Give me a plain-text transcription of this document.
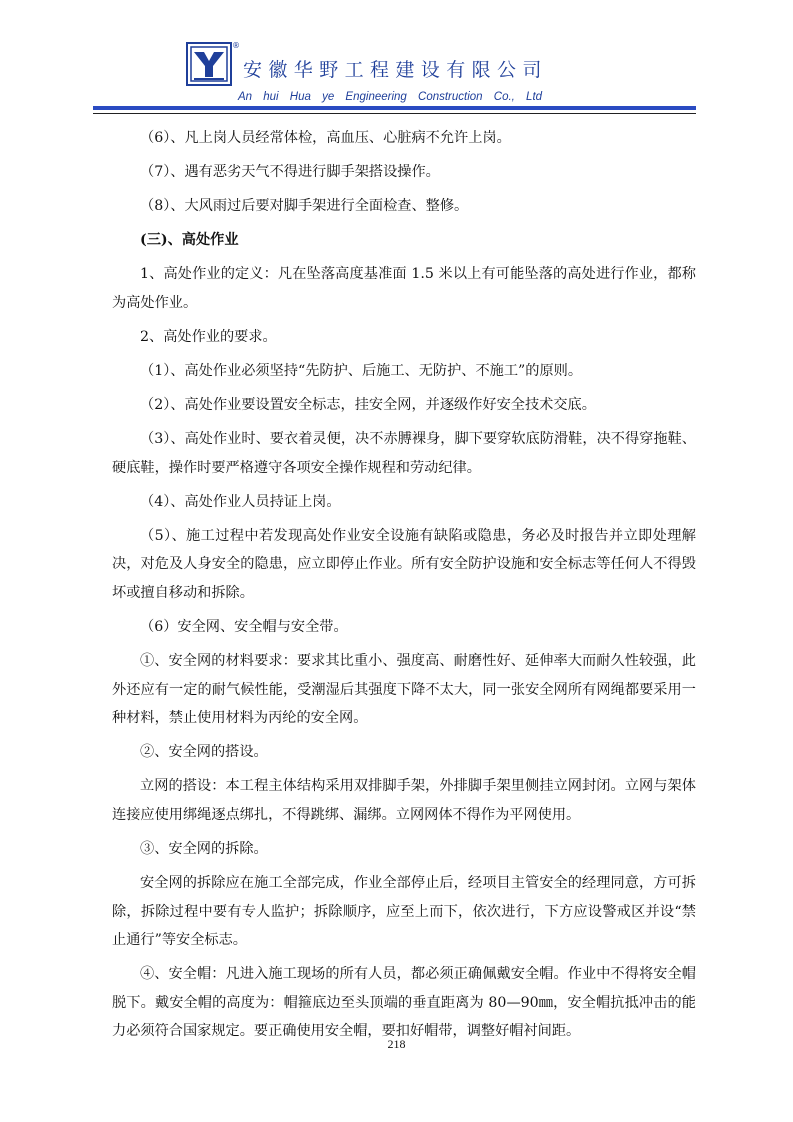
®
安徽华野工程建设有限公司
An hui Hua ye Engineering Construction Co., Ltd

（6）、凡上岗人员经常体检，高血压、心脏病不允许上岗。

（7）、遇有恶劣天气不得进行脚手架搭设操作。

（8）、大风雨过后要对脚手架进行全面检查、整修。

(三)、高处作业

1、高处作业的定义：凡在坠落高度基准面 1.5 米以上有可能坠落的高处进行作业，都称为高处作业。

2、高处作业的要求。

（1）、高处作业必须坚持“先防护、后施工、无防护、不施工”的原则。

（2）、高处作业要设置安全标志，挂安全网，并逐级作好安全技术交底。

（3）、高处作业时、要衣着灵便，决不赤膊裸身，脚下要穿软底防滑鞋，决不得穿拖鞋、硬底鞋，操作时要严格遵守各项安全操作规程和劳动纪律。

（4）、高处作业人员持证上岗。

（5）、施工过程中若发现高处作业安全设施有缺陷或隐患，务必及时报告并立即处理解决，对危及人身安全的隐患，应立即停止作业。所有安全防护设施和安全标志等任何人不得毁坏或擅自移动和拆除。

（6）安全网、安全帽与安全带。

①、安全网的材料要求：要求其比重小、强度高、耐磨性好、延伸率大而耐久性较强，此外还应有一定的耐气候性能，受潮湿后其强度下降不太大，同一张安全网所有网绳都要采用一种材料，禁止使用材料为丙纶的安全网。

②、安全网的搭设。

立网的搭设：本工程主体结构采用双排脚手架，外排脚手架里侧挂立网封闭。立网与架体连接应使用绑绳逐点绑扎，不得跳绑、漏绑。立网网体不得作为平网使用。

③、安全网的拆除。

安全网的拆除应在施工全部完成，作业全部停止后，经项目主管安全的经理同意，方可拆除，拆除过程中要有专人监护；拆除顺序，应至上而下，依次进行，下方应设警戒区并设“禁止通行”等安全标志。

④、安全帽：凡进入施工现场的所有人员，都必须正确佩戴安全帽。作业中不得将安全帽脱下。戴安全帽的高度为：帽箍底边至头顶端的垂直距离为 80—90㎜，安全帽抗抵冲击的能力必须符合国家规定。要正确使用安全帽，要扣好帽带，调整好帽衬间距。

218
